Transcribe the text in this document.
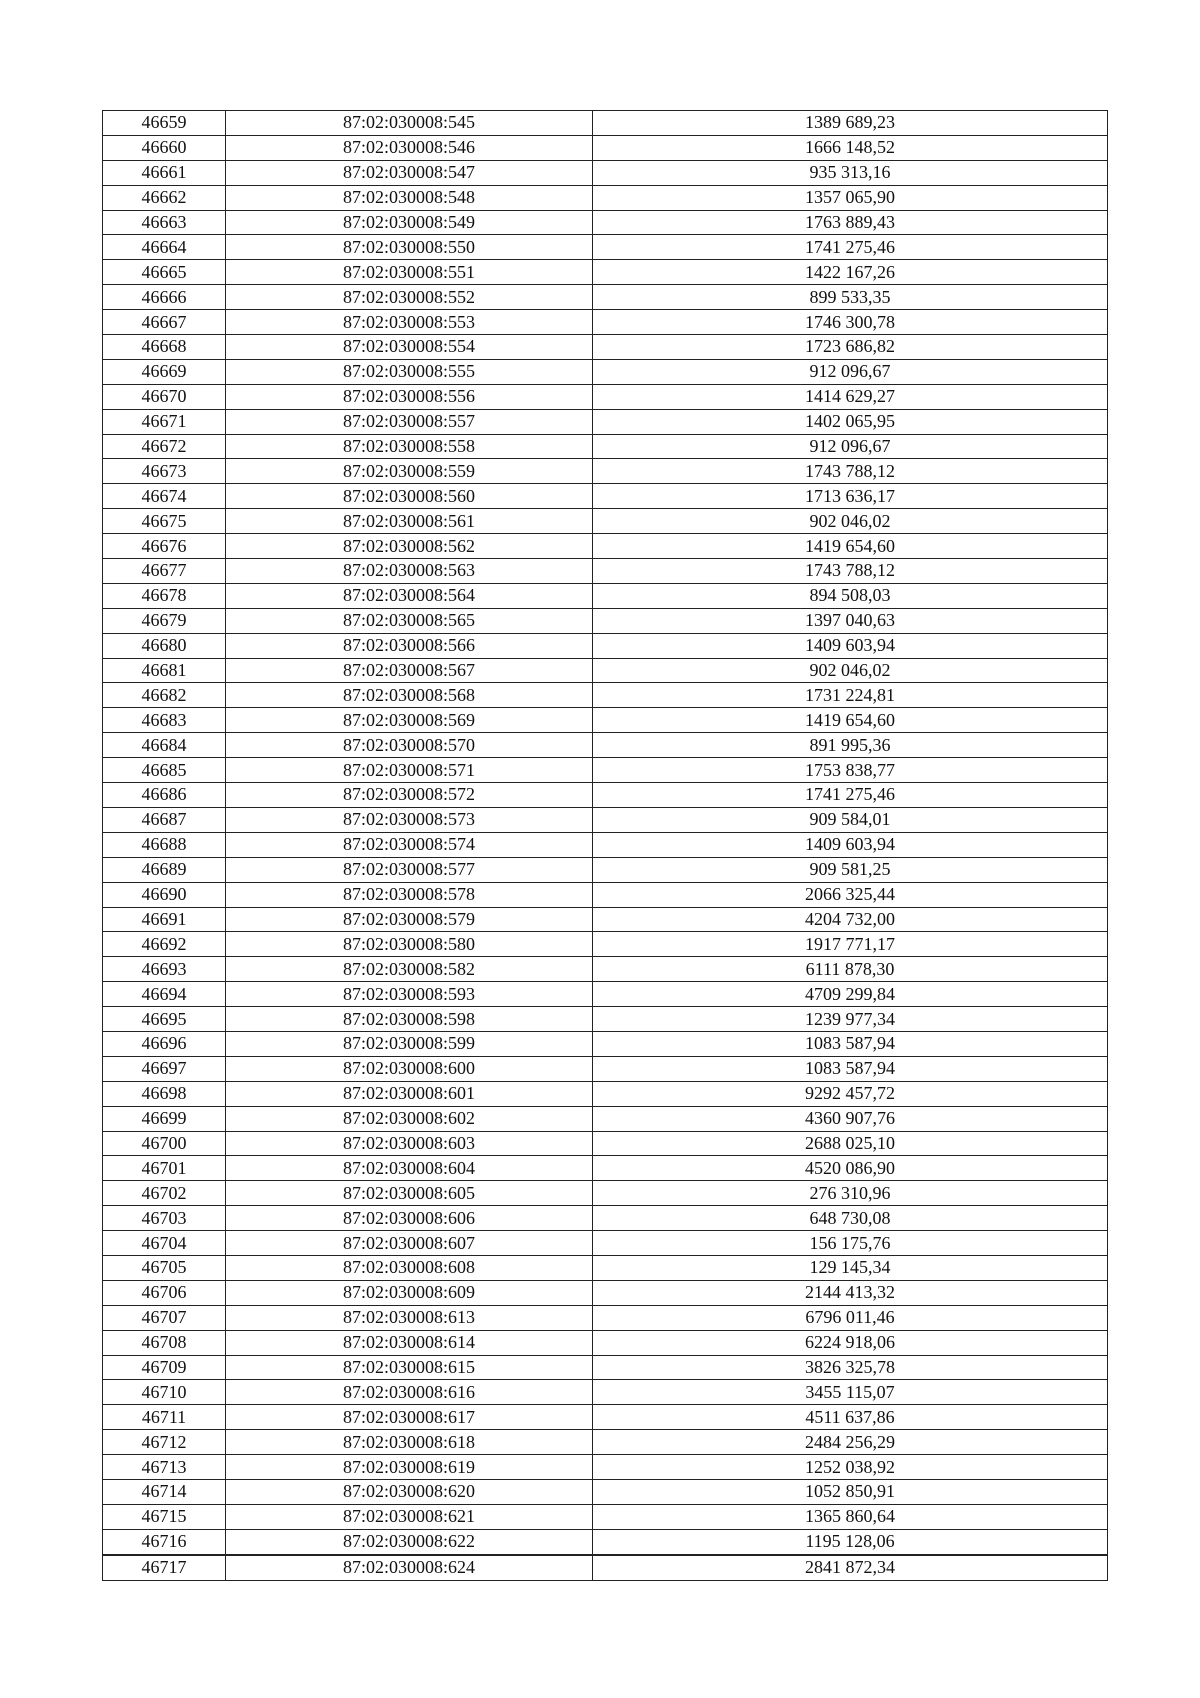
46659	87:02:030008:545	1389 689,23
46660	87:02:030008:546	1666 148,52
46661	87:02:030008:547	935 313,16
46662	87:02:030008:548	1357 065,90
46663	87:02:030008:549	1763 889,43
46664	87:02:030008:550	1741 275,46
46665	87:02:030008:551	1422 167,26
46666	87:02:030008:552	899 533,35
46667	87:02:030008:553	1746 300,78
46668	87:02:030008:554	1723 686,82
46669	87:02:030008:555	912 096,67
46670	87:02:030008:556	1414 629,27
46671	87:02:030008:557	1402 065,95
46672	87:02:030008:558	912 096,67
46673	87:02:030008:559	1743 788,12
46674	87:02:030008:560	1713 636,17
46675	87:02:030008:561	902 046,02
46676	87:02:030008:562	1419 654,60
46677	87:02:030008:563	1743 788,12
46678	87:02:030008:564	894 508,03
46679	87:02:030008:565	1397 040,63
46680	87:02:030008:566	1409 603,94
46681	87:02:030008:567	902 046,02
46682	87:02:030008:568	1731 224,81
46683	87:02:030008:569	1419 654,60
46684	87:02:030008:570	891 995,36
46685	87:02:030008:571	1753 838,77
46686	87:02:030008:572	1741 275,46
46687	87:02:030008:573	909 584,01
46688	87:02:030008:574	1409 603,94
46689	87:02:030008:577	909 581,25
46690	87:02:030008:578	2066 325,44
46691	87:02:030008:579	4204 732,00
46692	87:02:030008:580	1917 771,17
46693	87:02:030008:582	6111 878,30
46694	87:02:030008:593	4709 299,84
46695	87:02:030008:598	1239 977,34
46696	87:02:030008:599	1083 587,94
46697	87:02:030008:600	1083 587,94
46698	87:02:030008:601	9292 457,72
46699	87:02:030008:602	4360 907,76
46700	87:02:030008:603	2688 025,10
46701	87:02:030008:604	4520 086,90
46702	87:02:030008:605	276 310,96
46703	87:02:030008:606	648 730,08
46704	87:02:030008:607	156 175,76
46705	87:02:030008:608	129 145,34
46706	87:02:030008:609	2144 413,32
46707	87:02:030008:613	6796 011,46
46708	87:02:030008:614	6224 918,06
46709	87:02:030008:615	3826 325,78
46710	87:02:030008:616	3455 115,07
46711	87:02:030008:617	4511 637,86
46712	87:02:030008:618	2484 256,29
46713	87:02:030008:619	1252 038,92
46714	87:02:030008:620	1052 850,91
46715	87:02:030008:621	1365 860,64
46716	87:02:030008:622	1195 128,06
46717	87:02:030008:624	2841 872,34
